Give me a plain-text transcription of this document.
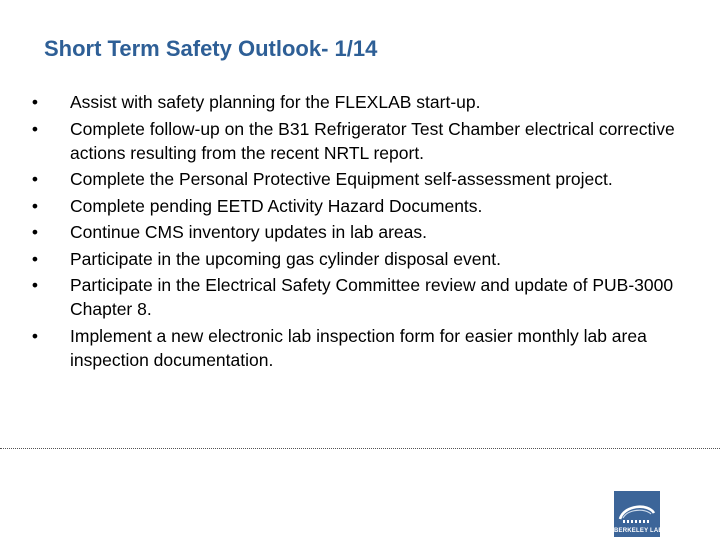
Short Term Safety Outlook- 1/14
• Assist with safety planning for the FLEXLAB start-up.
• Complete follow-up on the B31 Refrigerator Test Chamber electrical corrective actions resulting from the recent NRTL report.
• Complete the Personal Protective Equipment self-assessment project.
• Complete pending EETD Activity Hazard Documents.
• Continue CMS inventory updates in lab areas.
• Participate in the upcoming gas cylinder disposal event.
• Participate in the Electrical Safety Committee review and update of PUB-3000 Chapter 8.
• Implement a new electronic lab inspection form for easier monthly lab area inspection documentation.
BERKELEY LAB
